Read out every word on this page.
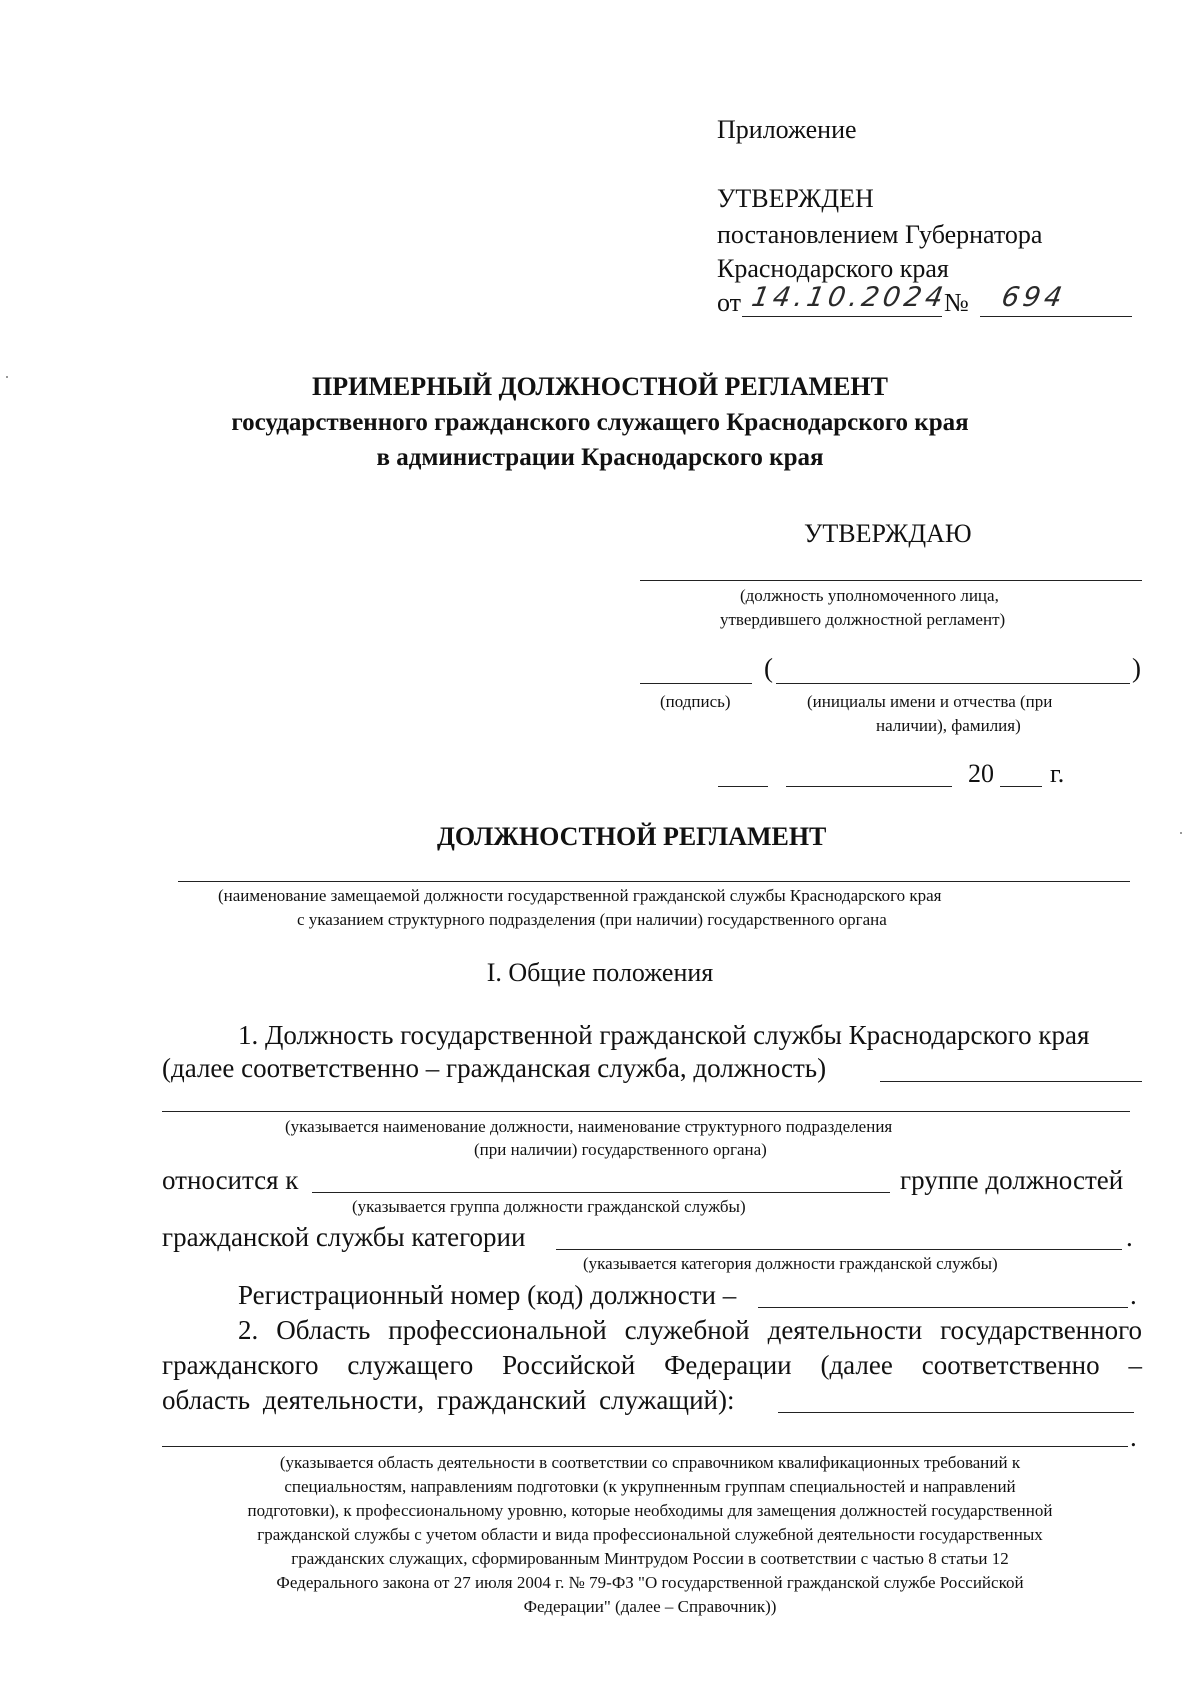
Приложение
УТВЕРЖДЕН
постановлением Губернатора
Краснодарского края
от 14.10.2024
№ 694
ПРИМЕРНЫЙ ДОЛЖНОСТНОЙ РЕГЛАМЕНТ
государственного гражданского служащего Краснодарского края
в администрации Краснодарского края
УТВЕРЖДАЮ
(должность уполномоченного лица,
утвердившего должностной регламент)
(	)
(подпись)	(инициалы имени и отчества (при
наличии), фамилия)
20 г.
ДОЛЖНОСТНОЙ РЕГЛАМЕНТ
(наименование замещаемой должности государственной гражданской службы Краснодарского края
с указанием структурного подразделения (при наличии) государственного органа
I. Общие положения
1. Должность государственной гражданской службы Краснодарского края
(далее соответственно – гражданская служба, должность)
(указывается наименование должности, наименование структурного подразделения
(при наличии) государственного органа)
относится к	группе должностей
(указывается группа должности гражданской службы)
гражданской службы категории	.
(указывается категория должности гражданской службы)
Регистрационный номер (код) должности –	.
2. Область профессиональной служебной деятельности государственного
гражданского служащего Российской Федерации (далее соответственно –
область деятельности, гражданский служащий):
.
(указывается область деятельности в соответствии со справочником квалификационных требований к
специальностям, направлениям подготовки (к укрупненным группам специальностей и направлений
подготовки), к профессиональному уровню, которые необходимы для замещения должностей государственной
гражданской службы с учетом области и вида профессиональной служебной деятельности государственных
гражданских служащих, сформированным Минтрудом России в соответствии с частью 8 статьи 12
Федерального закона от 27 июля 2004 г. № 79-ФЗ "О государственной гражданской службе Российской
Федерации" (далее – Справочник))
